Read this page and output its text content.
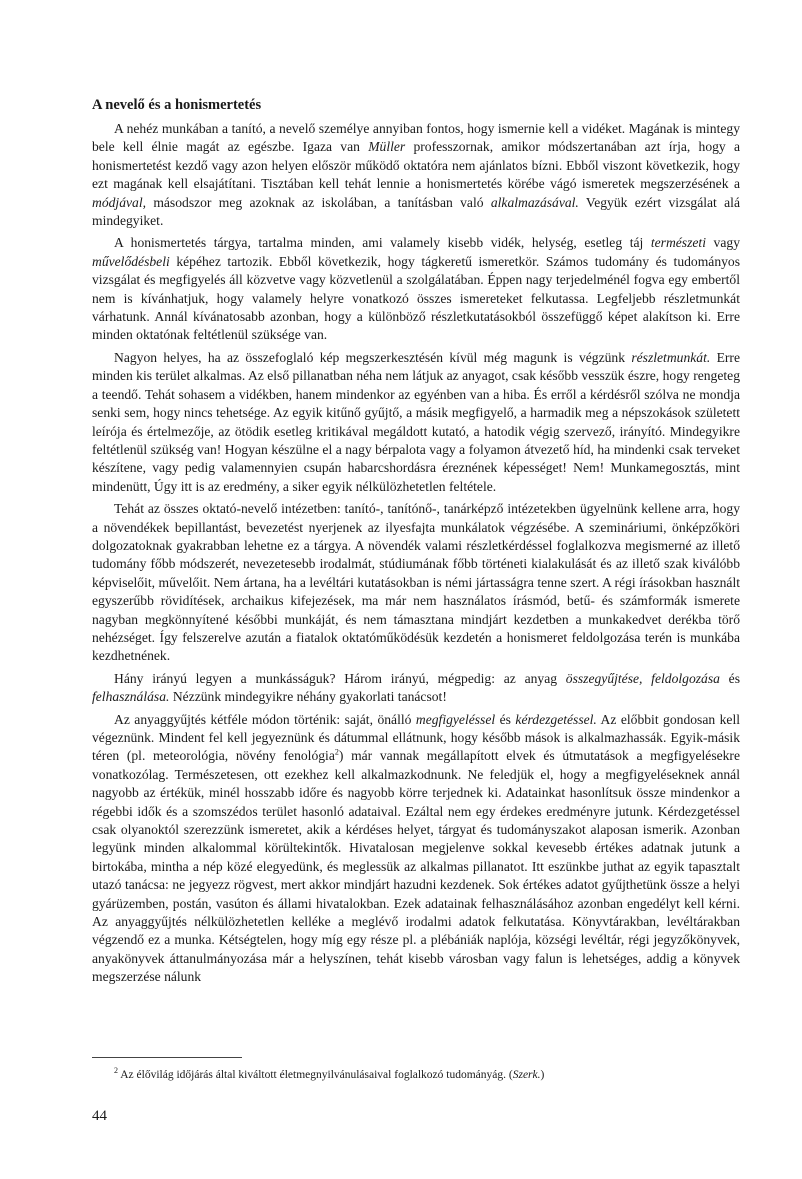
A nevelő és a honismertetés

A nehéz munkában a tanító, a nevelő személye annyiban fontos, hogy ismernie kell a vidéket. Magának is mintegy bele kell élnie magát az egészbe. Igaza van Müller professzornak, amikor módszertanában azt írja, hogy a honismertetést kezdő vagy azon helyen először működő oktatóra nem ajánlatos bízni. Ebből viszont következik, hogy ezt magának kell elsajátítani. Tisztában kell tehát lennie a honismertetés körébe vágó ismeretek megszerzésének a módjával, másodszor meg azoknak az iskolában, a tanításban való alkalmazásával. Vegyük ezért vizsgálat alá mindegyiket.

A honismertetés tárgya, tartalma minden, ami valamely kisebb vidék, helység, esetleg táj természeti vagy művelődésbeli képéhez tartozik. Ebből következik, hogy tágkeretű ismeretkör. Számos tudomány és tudományos vizsgálat és megfigyelés áll közvetve vagy közvetlenül a szolgálatában. Éppen nagy terjedelménél fogva egy embertől nem is kívánhatjuk, hogy valamely helyre vonatkozó összes ismereteket felkutassa. Legfeljebb részletmunkát várhatunk. Annál kívánatosabb azonban, hogy a különböző részletkutatásokból összefüggő képet alakítson ki. Erre minden oktatónak feltétlenül szüksége van.

Nagyon helyes, ha az összefoglaló kép megszerkesztésén kívül még magunk is végzünk részletmunkát. Erre minden kis terület alkalmas. Az első pillanatban néha nem látjuk az anyagot, csak később vesszük észre, hogy rengeteg a teendő. Tehát sohasem a vidékben, hanem mindenkor az egyénben van a hiba. És erről a kérdésről szólva ne mondja senki sem, hogy nincs tehetsége. Az egyik kitűnő gyűjtő, a másik megfigyelő, a harmadik meg a népszokások született leírója és értelmezője, az ötödik esetleg kritikával megáldott kutató, a hatodik végig szervező, irányító. Mindegyikre feltétlenül szükség van! Hogyan készülne el a nagy bérpalota vagy a folyamon átvezető híd, ha mindenki csak terveket készítene, vagy pedig valamennyien csupán habarcshordásra éreznének képességet! Nem! Munkamegosztás, mint mindenütt, Úgy itt is az eredmény, a siker egyik nélkülözhetetlen feltétele.

Tehát az összes oktató-nevelő intézetben: tanító-, tanítónő-, tanárképző intézetekben ügyelnünk kellene arra, hogy a növendékek bepillantást, bevezetést nyerjenek az ilyesfajta munkálatok végzésébe. A szemináriumi, önképzőköri dolgozatoknak gyakrabban lehetne ez a tárgya. A növendék valami részletkérdéssel foglalkozva megismerné az illető tudomány főbb módszerét, nevezetesebb irodalmát, stúdiumának főbb történeti kialakulását és az illető szak kiválóbb képviselőit, művelőit. Nem ártana, ha a levéltári kutatásokban is némi jártasságra tenne szert. A régi írásokban használt egyszerűbb rövidítések, archaikus kifejezések, ma már nem használatos írásmód, betű- és számformák ismerete nagyban megkönnyítené későbbi munkáját, és nem támasztana mindjárt kezdetben a munkakedvet derékba törő nehézséget. Így felszerelve azután a fiatalok oktatóműködésük kezdetén a honismeret feldolgozása terén is munkába kezdhetnének.

Hány irányú legyen a munkásságuk? Három irányú, mégpedig: az anyag összegyűjtése, feldolgozása és felhasználása. Nézzünk mindegyikre néhány gyakorlati tanácsot!

Az anyaggyűjtés kétféle módon történik: saját, önálló megfigyeléssel és kérdezgetéssel. Az előbbit gondosan kell végeznünk. Mindent fel kell jegyeznünk és dátummal ellátnunk, hogy később mások is alkalmazhassák. Egyik-másik téren (pl. meteorológia, növény fenológia$^2$) már vannak megállapított elvek és útmutatások a megfigyelésekre vonatkozólag. Természetesen, ott ezekhez kell alkalmazkodnunk. Ne feledjük el, hogy a megfigyeléseknek annál nagyobb az értékük, minél hosszabb időre és nagyobb körre terjednek ki. Adatainkat hasonlítsuk össze mindenkor a régebbi idők és a szomszédos terület hasonló adataival. Ezáltal nem egy érdekes eredményre jutunk. Kérdezgetéssel csak olyanoktól szerezzünk ismeretet, akik a kérdéses helyet, tárgyat és tudományszakot alaposan ismerik. Azonban legyünk minden alkalommal körültekintők. Hivatalosan megjelenve sokkal kevesebb értékes adatnak jutunk a birtokába, mintha a nép közé elegyedünk, és meglessük az alkalmas pillanatot. Itt eszünkbe juthat az egyik tapasztalt utazó tanácsa: ne jegyezz rögvest, mert akkor mindjárt hazudni kezdenek. Sok értékes adatot gyűjthetünk össze a helyi gyárüzemben, postán, vasúton és állami hivatalokban. Ezek adatainak felhasználásához azonban engedélyt kell kérni. Az anyaggyűjtés nélkülözhetetlen kelléke a meglévő irodalmi adatok felkutatása. Könyvtárakban, levéltárakban végzendő ez a munka. Kétségtelen, hogy míg egy része pl. a plébániák naplója, községi levéltár, régi jegyzőkönyvek, anyakönyvek áttanulmányozása már a helyszínen, tehát kisebb városban vagy falun is lehetséges, addig a könyvek megszerzése nálunk

$^2$ Az élővilág időjárás által kiváltott életmegnyilvánulásaival foglalkozó tudományág. (Szerk.)

44
